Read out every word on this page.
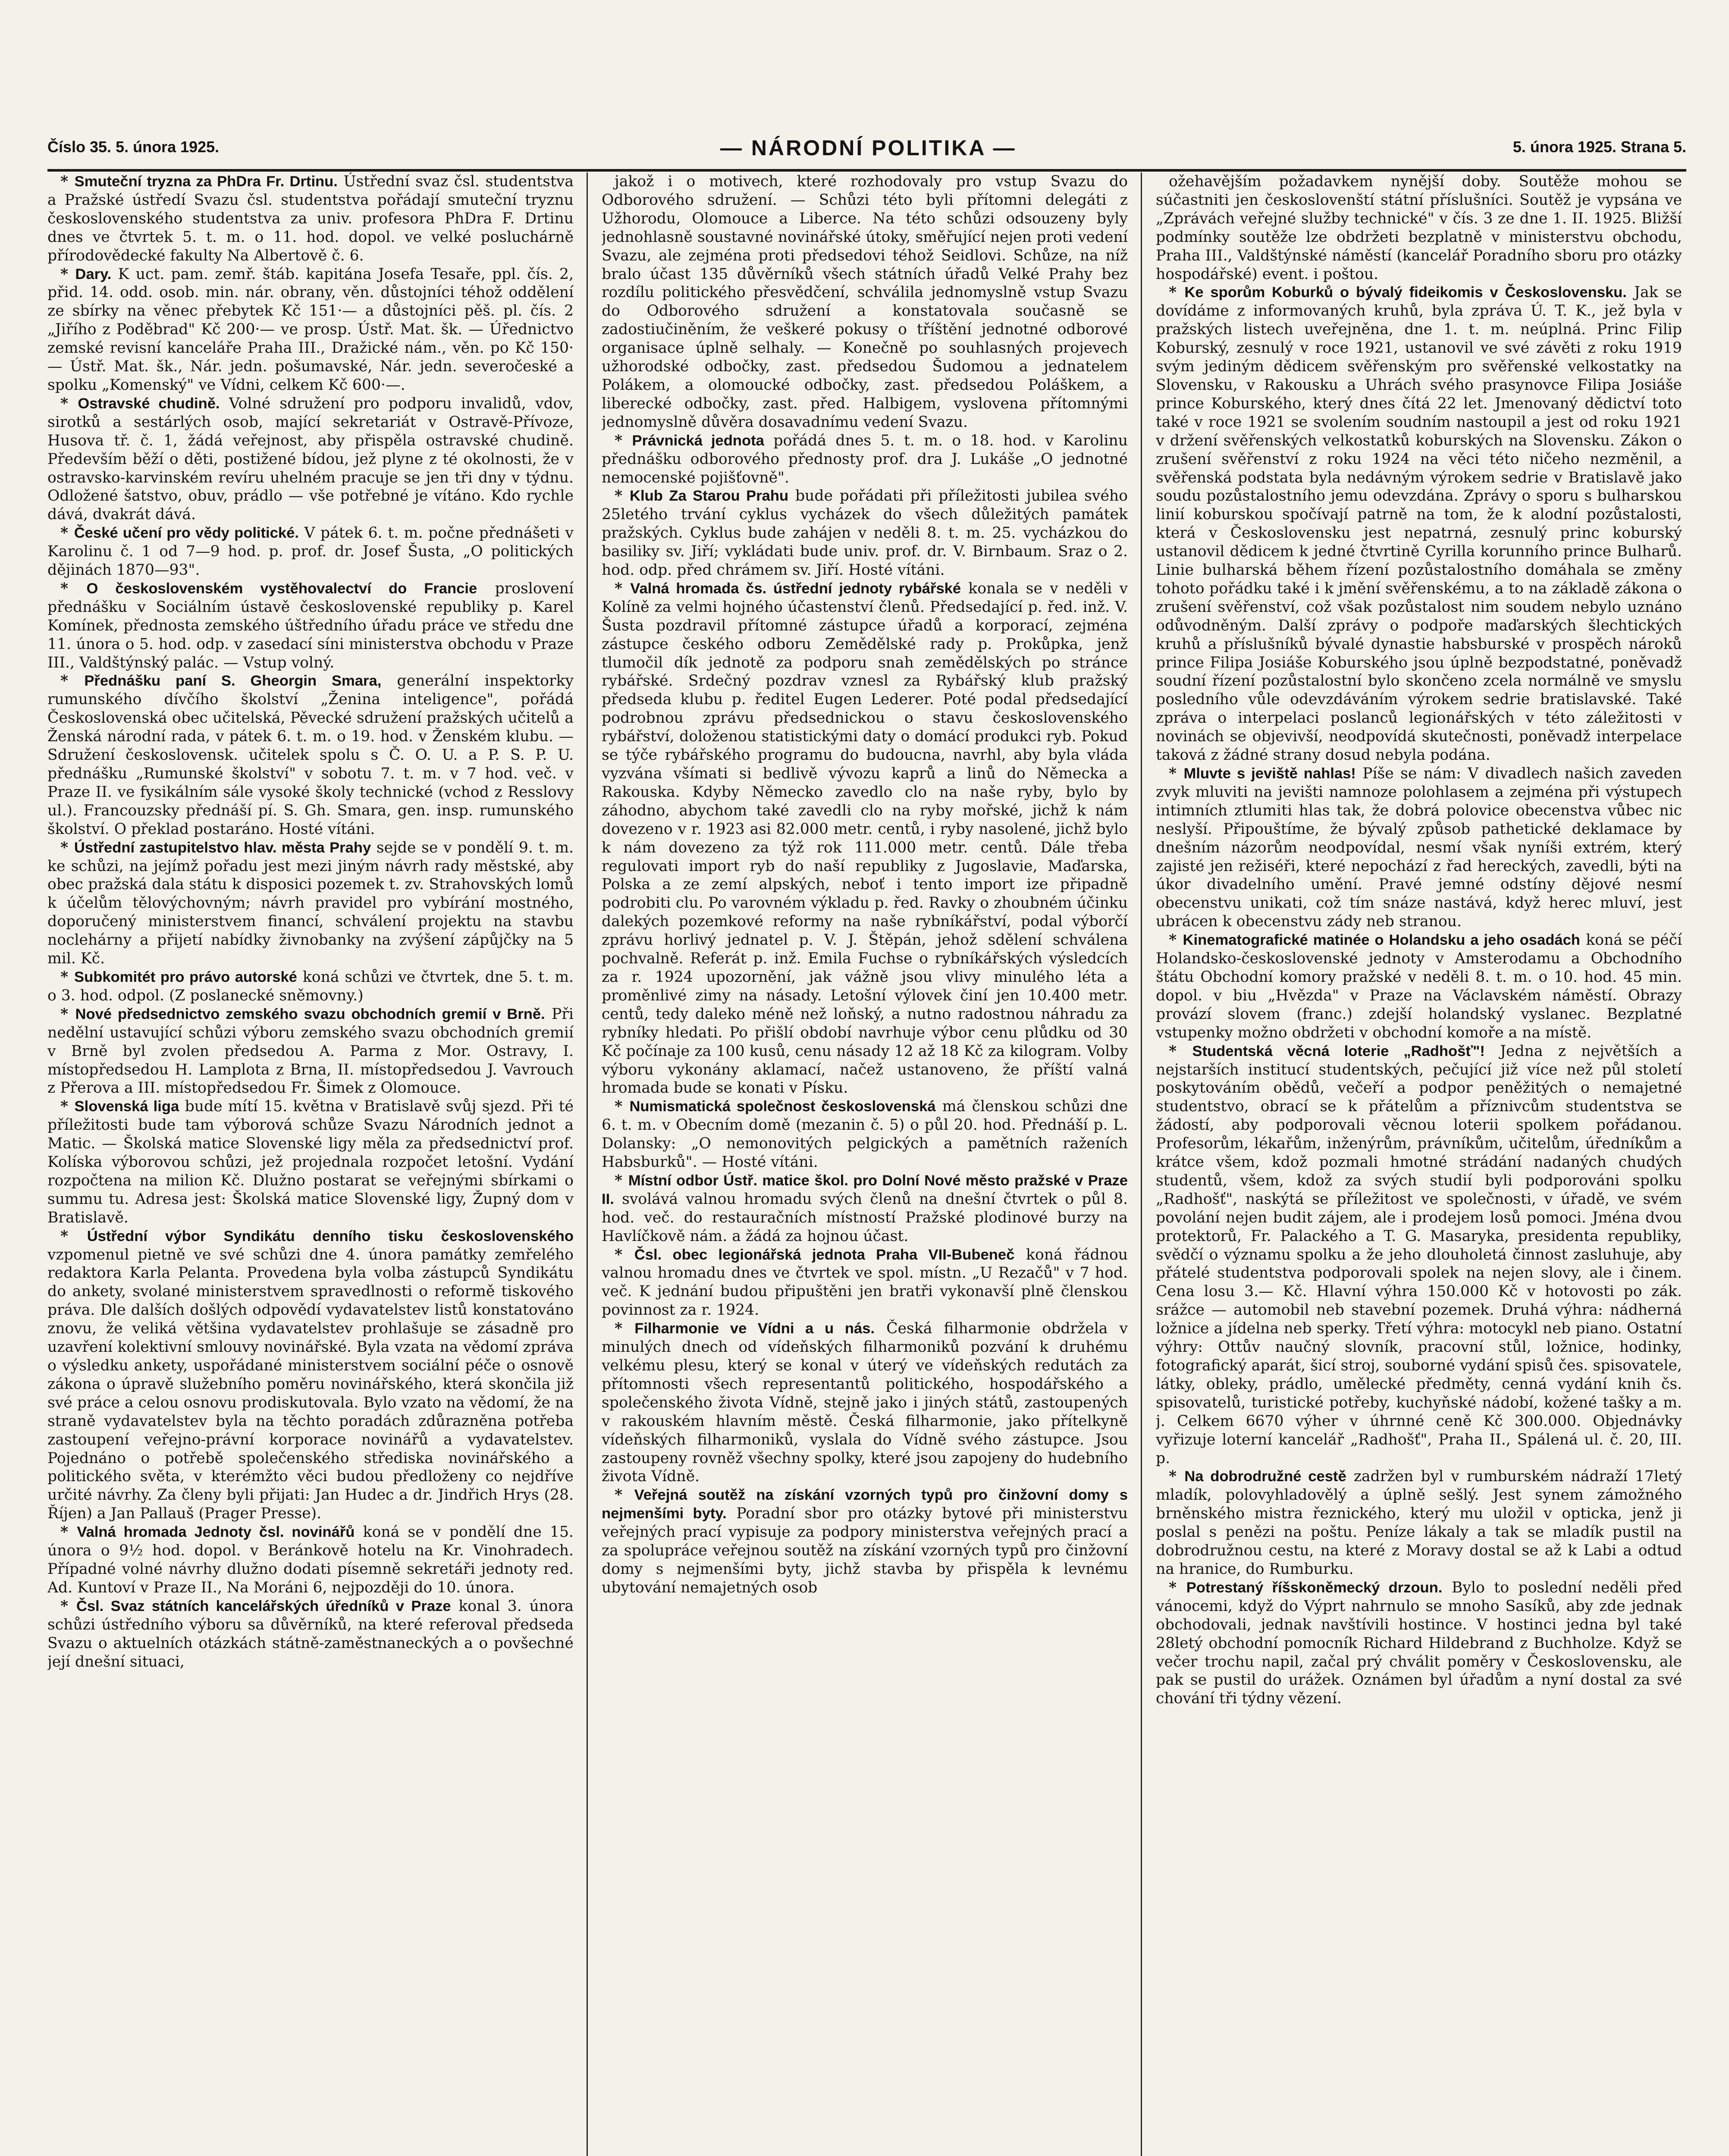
Číslo 35. 5. února 1925.	— NÁRODNÍ POLITIKA —	5. února 1925. Strana 5.

* Smuteční tryzna za PhDra Fr. Drtinu. Ústřední svaz čsl. studentstva a Pražské ústředí Svazu čsl. studentstva pořádají smuteční tryznu československého studentstva za univ. profesora PhDra F. Drtinu dnes ve čtvrtek 5. t. m. o 11. hod. dopol. ve velké posluchárně přírodovědecké fakulty Na Albertově č. 6.

* Dary. K uct. pam. zemř. štáb. kapitána Josefa Tesaře, ppl. čís. 2, přid. 14. odd. osob. min. nár. obrany, věn. důstojníci téhož oddělení ze sbírky na věnec přebytek Kč 151·— a důstojníci pěš. pl. čís. 2 „Jiřího z Poděbrad" Kč 200·— ve prosp. Ústř. Mat. šk. — Úřednictvo zemské revisní kanceláře Praha III., Dražické nám., věn. po Kč 150·— Ústř. Mat. šk., Nár. jedn. pošumavské, Nár. jedn. severočeské a spolku „Komenský" ve Vídni, celkem Kč 600·—.

* Ostravské chudině. Volné sdružení pro podporu invalidů, vdov, sirotků a sestárlých osob, mající sekretariát v Ostravě-Přívoze, Husova tř. č. 1, žádá veřejnost, aby přispěla ostravské chudině. Především běží o děti, postižené bídou, jež plyne z té okolnosti, že v ostravsko-karvinském revíru uhelném pracuje se jen tři dny v týdnu. Odložené šatstvo, obuv, prádlo — vše potřebné je vítáno. Kdo rychle dává, dvakrát dává.

* České učení pro vědy politické. V pátek 6. t. m. počne přednášeti v Karolinu č. 1 od 7—9 hod. p. prof. dr. Josef Šusta, „O politických dějinách 1870—93".

* O československém vystěhovalectví do Francie proslovení přednášku v Sociálním ústavě československé republiky p. Karel Komínek, přednosta zemského úštředního úřadu práce ve středu dne 11. února o 5. hod. odp. v zasedací síni ministerstva obchodu v Praze III., Valdštýnský palác. — Vstup volný.

* Přednášku paní S. Gheorgin Smara, generální inspektorky rumunského dívčího školství „Ženina inteligence", pořádá Československá obec učitelská, Pěvecké sdružení pražských učitelů a Ženská národní rada, v pátek 6. t. m. o 19. hod. v Ženském klubu. — Sdružení československ. učitelek spolu s Č. O. U. a P. S. P. U. přednášku „Rumunské školství" v sobotu 7. t. m. v 7 hod. več. v Praze II. ve fysikálním sále vysoké školy technické (vchod z Resslovy ul.). Francouzsky přednáší pí. S. Gh. Smara, gen. insp. rumunského školství. O překlad postaráno. Hosté vítáni.

* Ústřední zastupitelstvo hlav. města Prahy sejde se v pondělí 9. t. m. ke schůzi, na jejímž pořadu jest mezi jiným návrh rady městské, aby obec pražská dala státu k disposici pozemek t. zv. Strahovských lomů k účelům tělovýchovným; návrh pravidel pro vybírání mostného, doporučený ministerstvem financí, schválení projektu na stavbu noclehárny a přijetí nabídky živnobanky na zvýšení zápůjčky na 5 mil. Kč.

* Subkomitét pro právo autorské koná schůzi ve čtvrtek, dne 5. t. m. o 3. hod. odpol. (Z poslanecké sněmovny.)

* Nové předsednictvo zemského svazu obchodních gremií v Brně. Při nedělní ustavující schůzi výboru zemského svazu obchodních gremií v Brně byl zvolen předsedou A. Parma z Mor. Ostravy, I. místopředsedou H. Lamplota z Brna, II. místopředsedou J. Vavrouch z Přerova a III. místopředsedou Fr. Šimek z Olomouce.

* Slovenská liga bude mítí 15. května v Bratislavě svůj sjezd. Při té příležitosti bude tam výborová schůze Svazu Národních jednot a Matic. — Školská matice Slovenské ligy měla za předsednictví prof. Kolíska výborovou schůzi, jež projednala rozpočet letošní. Vydání rozpočtena na milion Kč. Dlužno postarat se veřejnými sbírkami o summu tu. Adresa jest: Školská matice Slovenské ligy, Župný dom v Bratislavě.

* Ústřední výbor Syndikátu denního tisku československého vzpomenul pietně ve své schůzi dne 4. února památky zemřelého redaktora Karla Pelanta. Provedena byla volba zástupců Syndikátu do ankety, svolané ministerstvem spravedlnosti o reformě tiskového práva. Dle dalších došlých odpovědí vydavatelstev listů konstatováno znovu, že veliká většina vydavatelstev prohlašuje se zásadně pro uzavření kolektivní smlouvy novinářské. Byla vzata na vědomí zpráva o výsledku ankety, uspořádané ministerstvem sociální péče o osnově zákona o úpravě služebního poměru novinářského, která skončila již své práce a celou osnovu prodiskutovala. Bylo vzato na vědomí, že na straně vydavatelstev byla na těchto poradách zdůrazněna potřeba zastoupení veřejno-právní korporace novinářů a vydavatelstev. Pojednáno o potřebě společenského střediska novinářského a politického světa, v kterémžto věci budou předloženy co nejdříve určité návrhy. Za členy byli přijati: Jan Hudec a dr. Jindřich Hrys (28. Říjen) a Jan Pallauš (Prager Presse).

* Valná hromada Jednoty čsl. novinářů koná se v pondělí dne 15. února o 9½ hod. dopol. v Beránkově hotelu na Kr. Vinohradech. Případné volné návrhy dlužno dodati písemně sekretáři jednoty red. Ad. Kuntoví v Praze II., Na Moráni 6, nejpozději do 10. února.

* Čsl. Svaz státních kancelářských úředníků v Praze konal 3. února schůzi ústředního výboru sa důvěrníků, na které referoval předseda Svazu o aktuelních otázkách státně-zaměstnaneckých a o povšechné její dnešní situaci,

jakož i o motivech, které rozhodovaly pro vstup Svazu do Odborového sdružení. — Schůzi této byli přítomni delegáti z Užhorodu, Olomouce a Liberce. Na této schůzi odsouzeny byly jednohlasně soustavné novinářské útoky, směřující nejen proti vedení Svazu, ale zejména proti předsedovi téhož Seidlovi. Schůze, na níž bralo účast 135 důvěrníků všech státních úřadů Velké Prahy bez rozdílu politického přesvědčení, schválila jednomyslně vstup Svazu do Odborového sdružení a konstatovala současně se zadostiučiněním, že veškeré pokusy o tříštění jednotné odborové organisace úplně selhaly. — Konečně po souhlasných projevech užhorodské odbočky, zast. předsedou Šudomou a jednatelem Polákem, a olomoucké odbočky, zast. předsedou Poláškem, a liberecké odbočky, zast. před. Halbigem, vyslovena přítomnými jednomyslně důvěra dosavadnímu vedení Svazu.

* Právnická jednota pořádá dnes 5. t. m. o 18. hod. v Karolinu přednášku odborového přednosty prof. dra J. Lukáše „O jednotné nemocenské pojišťovně".

* Klub Za Starou Prahu bude pořádati při příležitosti jubilea svého 25letého trvání cyklus vycházek do všech důležitých památek pražských. Cyklus bude zahájen v neděli 8. t. m. 25. vycházkou do basiliky sv. Jiří; vykládati bude univ. prof. dr. V. Birnbaum. Sraz o 2. hod. odp. před chrámem sv. Jiří. Hosté vítáni.

* Valná hromada čs. ústřední jednoty rybářské konala se v neděli v Kolíně za velmi hojného účastenství členů. Předsedající p. řed. inž. V. Šusta pozdravil přítomné zástupce úřadů a korporací, zejména zástupce českého odboru Zemědělské rady p. Prokůpka, jenž tlumočil dík jednotě za podporu snah zemědělských po stránce rybářské. Srdečný pozdrav vznesl za Rybářský klub pražský předseda klubu p. ředitel Eugen Lederer. Poté podal předsedající podrobnou zprávu předsednickou o stavu československého rybářství, doloženou statistickými daty o domácí produkci ryb. Pokud se týče rybářského programu do budoucna, navrhl, aby byla vláda vyzvána všímati si bedlivě vývozu kaprů a linů do Německa a Rakouska. Kdyby Německo zavedlo clo na naše ryby, bylo by záhodno, abychom také zavedli clo na ryby mořské, jichž k nám dovezeno v r. 1923 asi 82.000 metr. centů, i ryby nasolené, jichž bylo k nám dovezeno za týž rok 111.000 metr. centů. Dále třeba regulovati import ryb do naší republiky z Jugoslavie, Maďarska, Polska a ze zemí alpských, neboť i tento import ize připadně podrobiti clu. Po varovném výkladu p. řed. Ravky o zhoubném účinku dalekých pozemkové reformy na naše rybníkářství, podal výborčí zprávu horlivý jednatel p. V. J. Štěpán, jehož sdělení schválena pochvalně. Referát p. inž. Emila Fuchse o rybníkářských výsledcích za r. 1924 upozornění, jak vážně jsou vlivy minulého léta a proměnlivé zimy na násady. Letošní výlovek činí jen 10.400 metr. centů, tedy daleko méně než loňský, a nutno radostnou náhradu za rybníky hledati. Po přišlí období navrhuje výbor cenu plůdku od 30 Kč počínaje za 100 kusů, cenu násady 12 až 18 Kč za kilogram. Volby výboru vykonány aklamací, načež ustanoveno, že příští valná hromada bude se konati v Písku.

* Numismatická společnost československá má členskou schůzi dne 6. t. m. v Obecním domě (mezanin č. 5) o půl 20. hod. Přednáší p. L. Dolansky: „O nemonovitých pelgických a pamětních raženích Habsburků". — Hosté vítáni.

* Místní odbor Ústř. matice škol. pro Dolní Nové město pražské v Praze II. svolává valnou hromadu svých členů na dnešní čtvrtek o půl 8. hod. več. do restauračních místností Pražské plodinové burzy na Havlíčkově nám. a žádá za hojnou účast.

* Čsl. obec legionářská jednota Praha VII-Bubeneč koná řádnou valnou hromadu dnes ve čtvrtek ve spol. místn. „U Rezačů" v 7 hod. več. K jednání budou připuštěni jen bratři vykonavší plně členskou povinnost za r. 1924.

* Filharmonie ve Vídni a u nás. Česká filharmonie obdržela v minulých dnech od vídeňských filharmoniků pozvání k druhému velkému plesu, který se konal v úterý ve vídeňských redutách za přítomnosti všech representantů politického, hospodářského a společenského života Vídně, stejně jako i jiných států, zastoupených v rakouském hlavním městě. Česká filharmonie, jako přítelkyně vídeňských filharmoniků, vyslala do Vídně svého zástupce. Jsou zastoupeny rovněž všechny spolky, které jsou zapojeny do hudebního života Vídně.

* Veřejná soutěž na získání vzorných typů pro činžovní domy s nejmenšími byty. Poradní sbor pro otázky bytové při ministerstvu veřejných prací vypisuje za podpory ministerstva veřejných prací a za spolupráce veřejnou soutěž na získání vzorných typů pro činžovní domy s nejmenšími byty, jichž stavba by přispěla k levnému ubytování nemajetných osob

ožehavějším požadavkem nynější doby. Soutěže mohou se súčastniti jen českoslovenští státní příslušníci. Soutěž je vypsána ve „Zprávách veřejné služby technické" v čís. 3 ze dne 1. II. 1925. Bližší podmínky soutěže lze obdržeti bezplatně v ministerstvu obchodu, Praha III., Valdštýnské náměstí (kancelář Poradního sboru pro otázky hospodářské) event. i poštou.

* Ke sporům Koburků o bývalý fideikomis v Československu. Jak se dovídáme z informovaných kruhů, byla zpráva Ú. T. K., jež byla v pražských listech uveřejněna, dne 1. t. m. neúplná. Princ Filip Koburský, zesnulý v roce 1921, ustanovil ve své závěti z roku 1919 svým jediným dědicem svěřenským pro svěřenské velkostatky na Slovensku, v Rakousku a Uhrách svého prasynovce Filipa Josiáše prince Koburského, který dnes čítá 22 let. Jmenovaný dědictví toto také v roce 1921 se svolením soudním nastoupil a jest od roku 1921 v držení svěřenských velkostatků koburských na Slovensku. Zákon o zrušení svěřenství z roku 1924 na věci této ničeho nezměnil, a svěřenská podstata byla nedávným výrokem sedrie v Bratislavě jako soudu pozůstalostního jemu odevzdána. Zprávy o sporu s bulharskou linií koburskou spočívají patrně na tom, že k alodní pozůstalosti, která v Československu jest nepatrná, zesnulý princ koburský ustanovil dědicem k jedné čtvrtině Cyrilla korunního prince Bulharů. Linie bulharská během řízení pozůstalostního domáhala se změny tohoto pořádku také i k jmění svěřenskému, a to na základě zákona o zrušení svěřenství, což však pozůstalost nim soudem nebylo uznáno odůvodněným. Další zprávy o podpoře maďarských šlechtických kruhů a příslušníků bývalé dynastie habsburské v prospěch nároků prince Filipa Josiáše Koburského jsou úplně bezpodstatné, poněvadž soudní řízení pozůstalostní bylo skončeno zcela normálně ve smyslu posledního vůle odevzdáváním výrokem sedrie bratislavské. Také zpráva o interpelaci poslanců legionářských v této záležitosti v novinách se objevivší, neodpovídá skutečnosti, poněvadž interpelace taková z žádné strany dosud nebyla podána.

* Mluvte s jeviště nahlas! Píše se nám: V divadlech našich zaveden zvyk mluviti na jevišti namnoze polohlasem a zejména při výstupech intimních ztlumiti hlas tak, že dobrá polovice obecenstva vůbec nic neslyší. Připouštíme, že bývalý způsob pathetické deklamace by dnešním názorům neodpovídal, nesmí však nyníši extrém, který zajisté jen režiséři, které nepochází z řad hereckých, zavedli, býti na úkor divadelního umění. Pravé jemné odstíny dějové nesmí obecenstvu unikati, což tím snáze nastává, když herec mluví, jest ubrácen k obecenstvu zády neb stranou.

* Kinematografické matinée o Holandsku a jeho osadách koná se péčí Holandsko-československé jednoty v Amsterodamu a Obchodního štátu Obchodní komory pražské v neděli 8. t. m. o 10. hod. 45 min. dopol. v biu „Hvězda" v Praze na Václavském náměstí. Obrazy provází slovem (franc.) zdejší holandský vyslanec. Bezplatné vstupenky možno obdržeti v obchodní komoře a na místě.

* Studentská věcná loterie „Radhošť"! Jedna z největších a nejstarších institucí studentských, pečující již více než půl století poskytováním obědů, večeří a podpor peněžitých o nemajetné studentstvo, obrací se k přátelům a příznivcům studentstva se žádostí, aby podporovali věcnou loterii spolkem pořádanou. Profesorům, lékařům, inženýrům, právníkům, učitelům, úředníkům a krátce všem, kdož pozmali hmotné strádání nadaných chudých studentů, všem, kdož za svých studií byli podporováni spolku „Radhošť", naskýtá se příležitost ve společnosti, v úřadě, ve svém povolání nejen budit zájem, ale i prodejem losů pomoci. Jména dvou protektorů, Fr. Palackého a T. G. Masaryka, presidenta republiky, svědčí o významu spolku a že jeho dlouholetá činnost zasluhuje, aby přátelé studentstva podporovali spolek na nejen slovy, ale i činem. Cena losu 3.— Kč. Hlavní výhra 150.000 Kč v hotovosti po zák. srážce — automobil neb stavební pozemek. Druhá výhra: nádherná ložnice a jídelna neb sperky. Třetí výhra: motocykl neb piano. Ostatní výhry: Ottův naučný slovník, pracovní stůl, ložnice, hodinky, fotografický aparát, šicí stroj, souborné vydání spisů čes. spisovatele, látky, obleky, prádlo, umělecké předměty, cenná vydání knih čs. spisovatelů, turistické potřeby, kuchyňské nádobí, kožené tašky a m. j. Celkem 6670 výher v úhrnné ceně Kč 300.000. Objednávky vyřizuje loterní kancelář „Radhošť", Praha II., Spálená ul. č. 20, III. p.

* Na dobrodružné cestě zadržen byl v rumburském nádraží 17letý mladík, polovyhladovělý a úplně sešlý. Jest synem zámožného brněnského mistra řeznického, který mu uložil v opticka, jenž ji poslal s penězi na poštu. Peníze lákaly a tak se mladík pustil na dobrodružnou cestu, na které z Moravy dostal se až k Labi a odtud na hranice, do Rumburku.

* Potrestaný říšskoněmecký drzoun. Bylo to poslední neděli před vánocemi, když do Výprt nahrnulo se mnoho Sasíků, aby zde jednak obchodovali, jednak navštívili hostince. V hostinci jedna byl také 28letý obchodní pomocník Richard Hildebrand z Buchholze. Když se večer trochu napil, začal prý chválit poměry v Československu, ale pak se pustil do urážek. Oznámen byl úřadům a nyní dostal za své chování tři týdny vězení.
